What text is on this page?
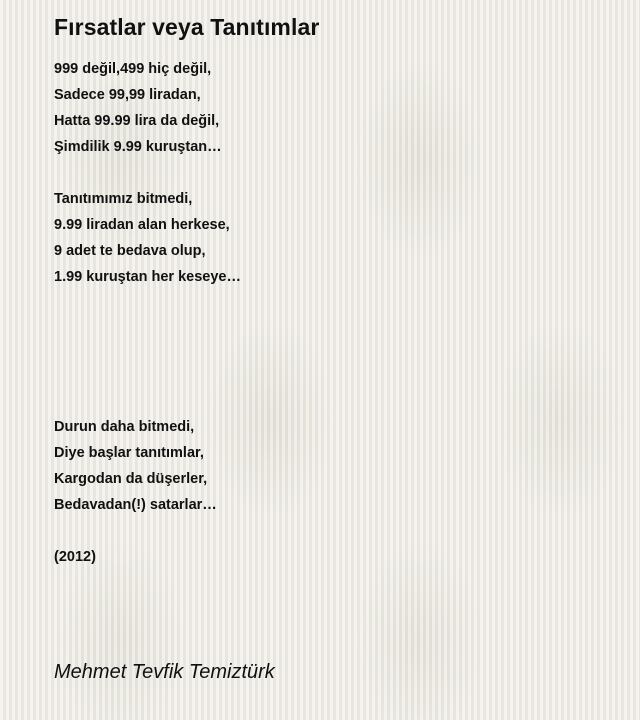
Fırsatlar veya Tanıtımlar
999 değil,499 hiç değil,
Sadece 99,99 liradan,
Hatta 99.99 lira da değil,
Şimdilik 9.99 kuruştan…
Tanıtımımız bitmedi,
9.99 liradan alan herkese,
9 adet te bedava olup,
1.99 kuruştan her keseye…
Durun daha bitmedi,
Diye başlar tanıtımlar,
Kargodan da düşerler,
Bedavadan(!) satarlar…
(2012)
Mehmet Tevfik Temiztürk
